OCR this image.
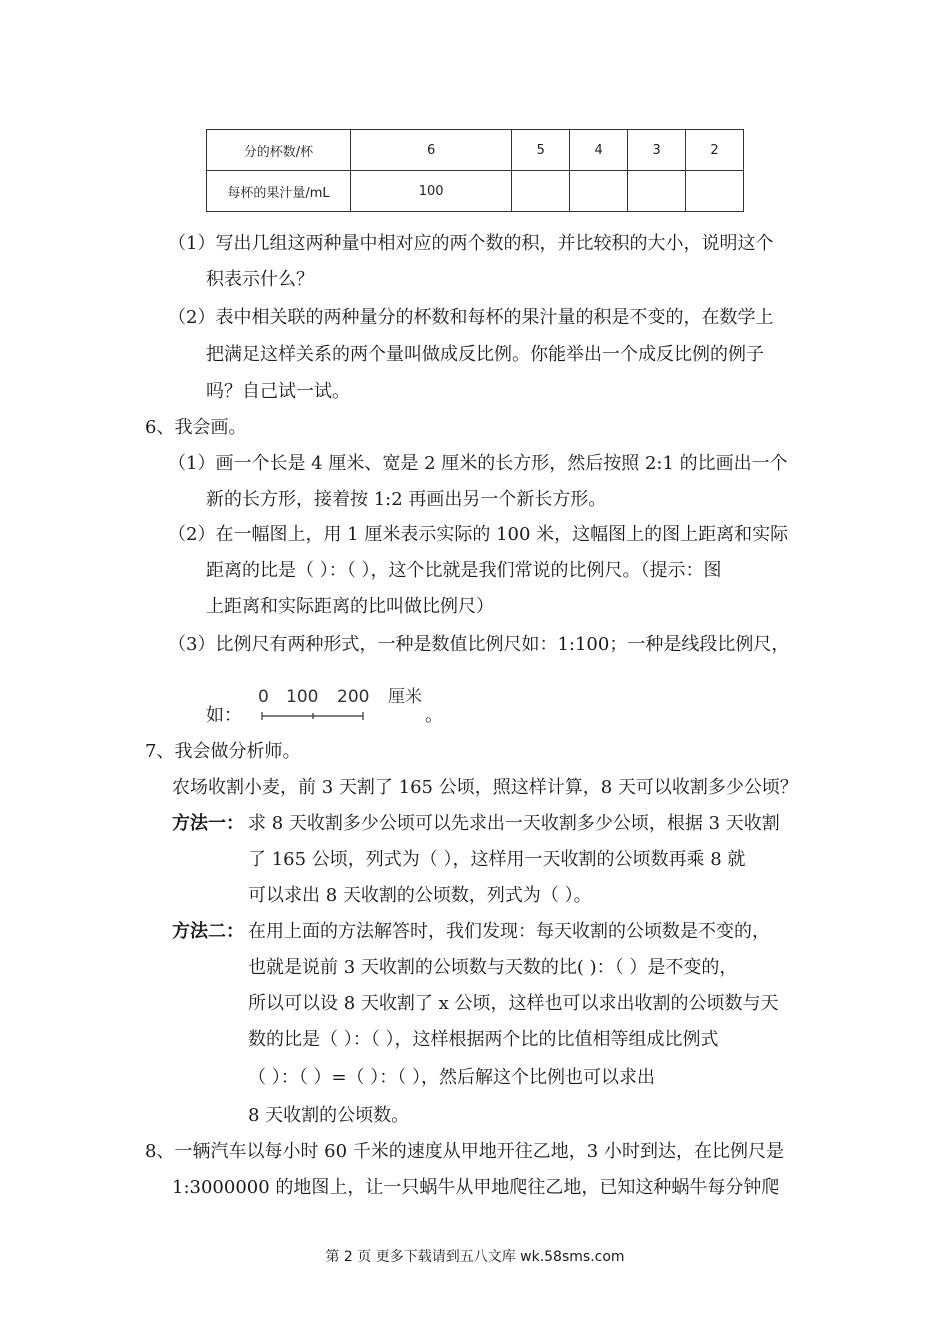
分的杯数/杯	6	5	4	3	2
每杯的果汁量/mL	100				
（1）写出几组这两种量中相对应的两个数的积，并比较积的大小，说明这个
积表示什么？
（2）表中相关联的两种量分的杯数和每杯的果汁量的积是不变的，在数学上
把满足这样关系的两个量叫做成反比例。你能举出一个成反比例的例子
吗？自己试一试。
6、我会画。
（1）画一个长是 4 厘米、宽是 2 厘米的长方形，然后按照 2:1 的比画出一个
新的长方形，接着按 1:2 再画出另一个新长方形。
（2）在一幅图上，用 1 厘米表示实际的 100 米，这幅图上的图上距离和实际
距离的比是（ ）：（ ），这个比就是我们常说的比例尺。（提示：图
上距离和实际距离的比叫做比例尺）
（3）比例尺有两种形式，一种是数值比例尺如：1:100；一种是线段比例尺，
如：
0 100 200 厘米
。
7、我会做分析师。
农场收割小麦，前 3 天割了 165 公顷，照这样计算，8 天可以收割多少公顷？
方法一： 求 8 天收割多少公顷可以先求出一天收割多少公顷，根据 3 天收割
了 165 公顷，列式为（ ），这样用一天收割的公顷数再乘 8 就
可以求出 8 天收割的公顷数，列式为（ ）。
方法二： 在用上面的方法解答时，我们发现：每天收割的公顷数是不变的，
也就是说前 3 天收割的公顷数与天数的比( )：（ ）是不变的，
所以可以设 8 天收割了 x 公顷，这样也可以求出收割的公顷数与天
数的比是（ ）：（ ），这样根据两个比的比值相等组成比例式
（ ）：（ ）=（ ）：（ ），然后解这个比例也可以求出
8 天收割的公顷数。
8、一辆汽车以每小时 60 千米的速度从甲地开往乙地，3 小时到达，在比例尺是
1:3000000 的地图上，让一只蜗牛从甲地爬往乙地，已知这种蜗牛每分钟爬
第 2 页 更多下载请到五八文库 wk.58sms.com
